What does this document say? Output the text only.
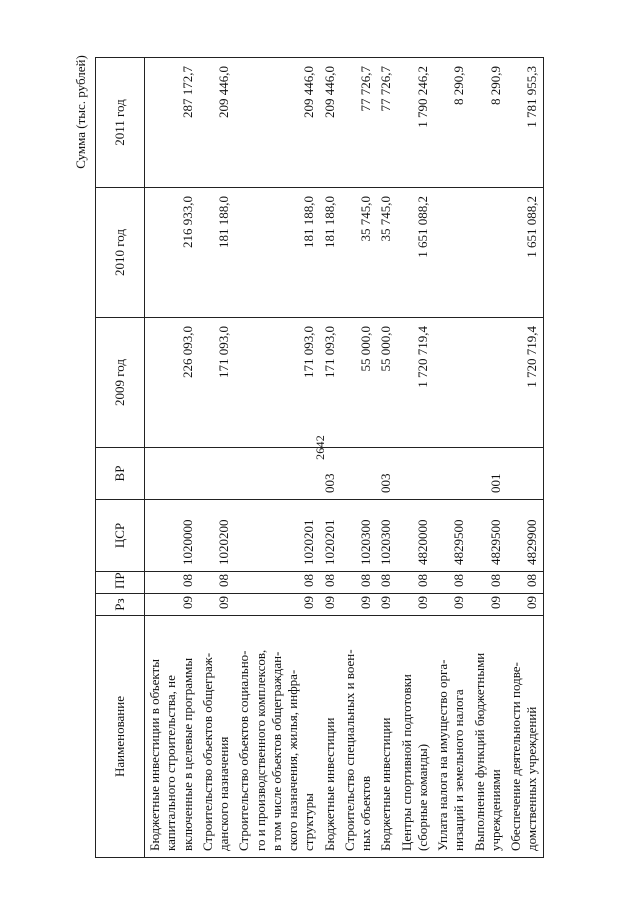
2642
Сумма (тыс. рублей)
Наименование	Рз	ПР	ЦСР	ВР	2009 год	2010 год	2011 год
Бюджетные инвестиции в объекты
капитального строительства, не
включенные в целевые программы	09	08	1020000		226 093,0	216 933,0	287 172,7
Строительство объектов общеграж-
данского назначения	09	08	1020200		171 093,0	181 188,0	209 446,0
Строительство объектов социально-
го и производственного комплексов,
в том числе объектов общеграждан-
ского назначения, жилья, инфра-
структуры	09	08	1020201		171 093,0	181 188,0	209 446,0
Бюджетные инвестиции	09	08	1020201	003	171 093,0	181 188,0	209 446,0
Строительство специальных и воен-
ных объектов	09	08	1020300		55 000,0	35 745,0	77 726,7
Бюджетные инвестиции	09	08	1020300	003	55 000,0	35 745,0	77 726,7
Центры спортивной подготовки
(сборные команды)	09	08	4820000		1 720 719,4	1 651 088,2	1 790 246,2
Уплата налога на имущество орга-
низаций и земельного налога	09	08	4829500				8 290,9
Выполнение функций бюджетными
учреждениями	09	08	4829500	001			8 290,9
Обеспечение деятельности подве-
домственных учреждений	09	08	4829900		1 720 719,4	1 651 088,2	1 781 955,3
